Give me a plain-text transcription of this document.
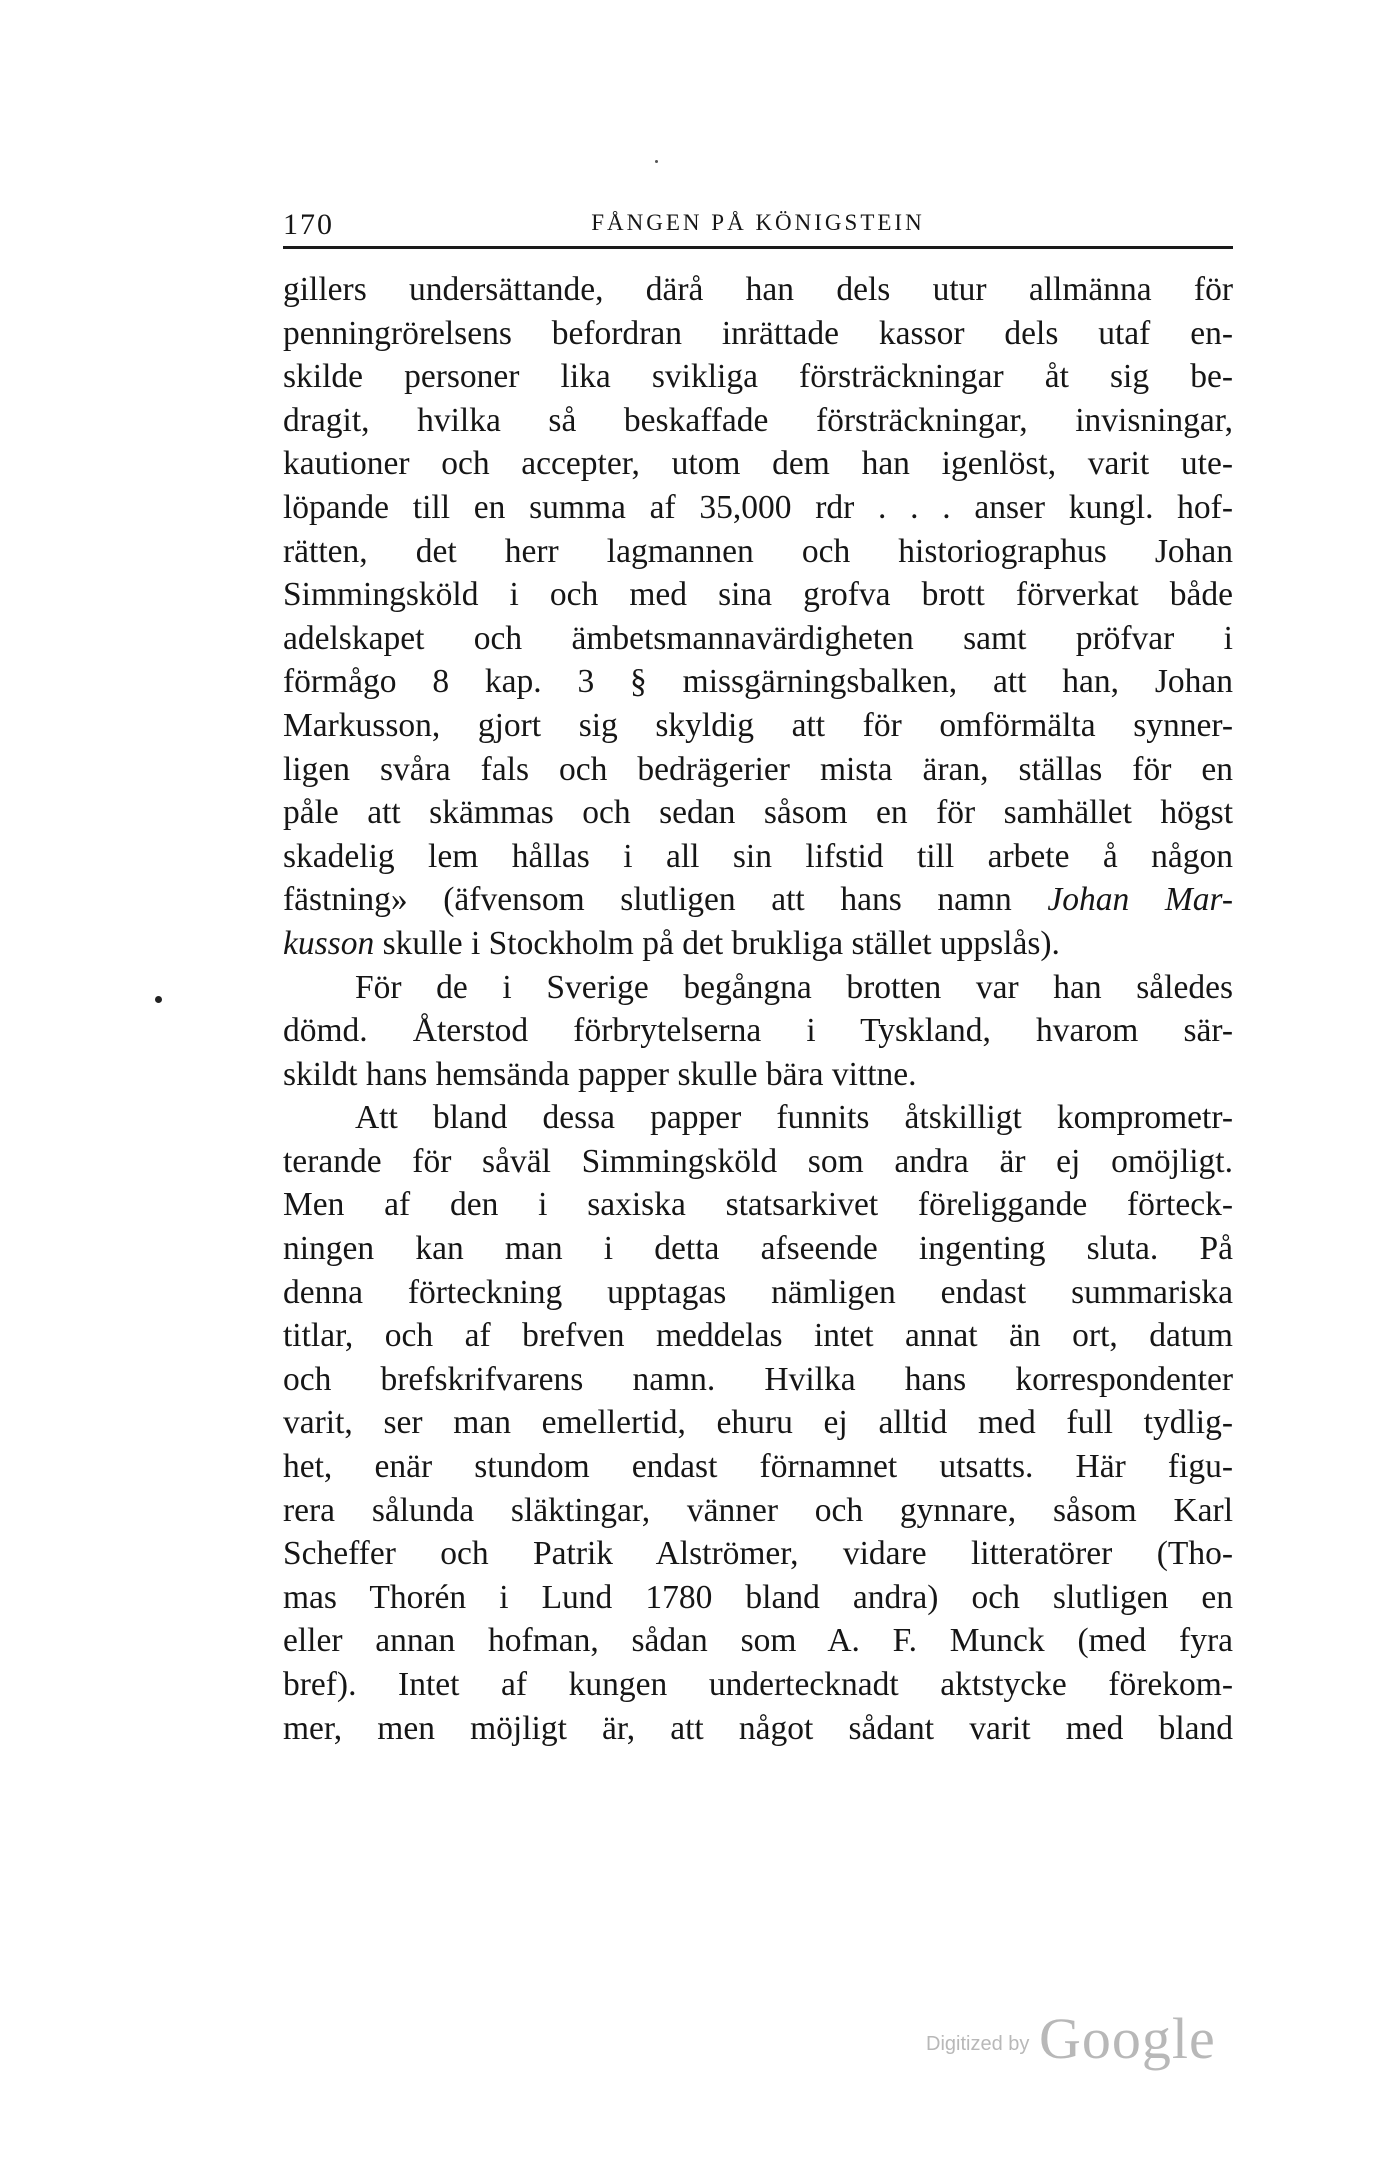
170	FÅNGEN PÅ KÖNIGSTEIN
gillers undersättande, därå han dels utur allmänna för
penningrörelsens befordran inrättade kassor dels utaf en-
skilde personer lika svikliga försträckningar åt sig be-
dragit, hvilka så beskaffade försträckningar, invisningar,
kautioner och accepter, utom dem han igenlöst, varit ute-
löpande till en summa af 35,000 rdr . . . anser kungl. hof-
rätten, det herr lagmannen och historiographus Johan
Simmingsköld i och med sina grofva brott förverkat både
adelskapet och ämbetsmannavärdigheten samt pröfvar i
förmågo 8 kap. 3 § missgärningsbalken, att han, Johan
Markusson, gjort sig skyldig att för omförmälta synner-
ligen svåra fals och bedrägerier mista äran, ställas för en
påle att skämmas och sedan såsom en för samhället högst
skadelig lem hållas i all sin lifstid till arbete å någon
fästning» (äfvensom slutligen att hans namn Johan Mar-
kusson skulle i Stockholm på det brukliga stället uppslås).
För de i Sverige begångna brotten var han således
dömd. Återstod förbrytelserna i Tyskland, hvarom sär-
skildt hans hemsända papper skulle bära vittne.
Att bland dessa papper funnits åtskilligt komprometr-
terande för såväl Simmingsköld som andra är ej omöjligt.
Men af den i saxiska statsarkivet föreliggande förteck-
ningen kan man i detta afseende ingenting sluta. På
denna förteckning upptagas nämligen endast summariska
titlar, och af brefven meddelas intet annat än ort, datum
och brefskrifvarens namn. Hvilka hans korrespondenter
varit, ser man emellertid, ehuru ej alltid med full tydlig-
het, enär stundom endast förnamnet utsatts. Här figu-
rera sålunda släktingar, vänner och gynnare, såsom Karl
Scheffer och Patrik Alströmer, vidare litteratörer (Tho-
mas Thorén i Lund 1780 bland andra) och slutligen en
eller annan hofman, sådan som A. F. Munck (med fyra
bref). Intet af kungen undertecknadt aktstycke förekom-
mer, men möjligt är, att något sådant varit med bland
Digitized by Google
